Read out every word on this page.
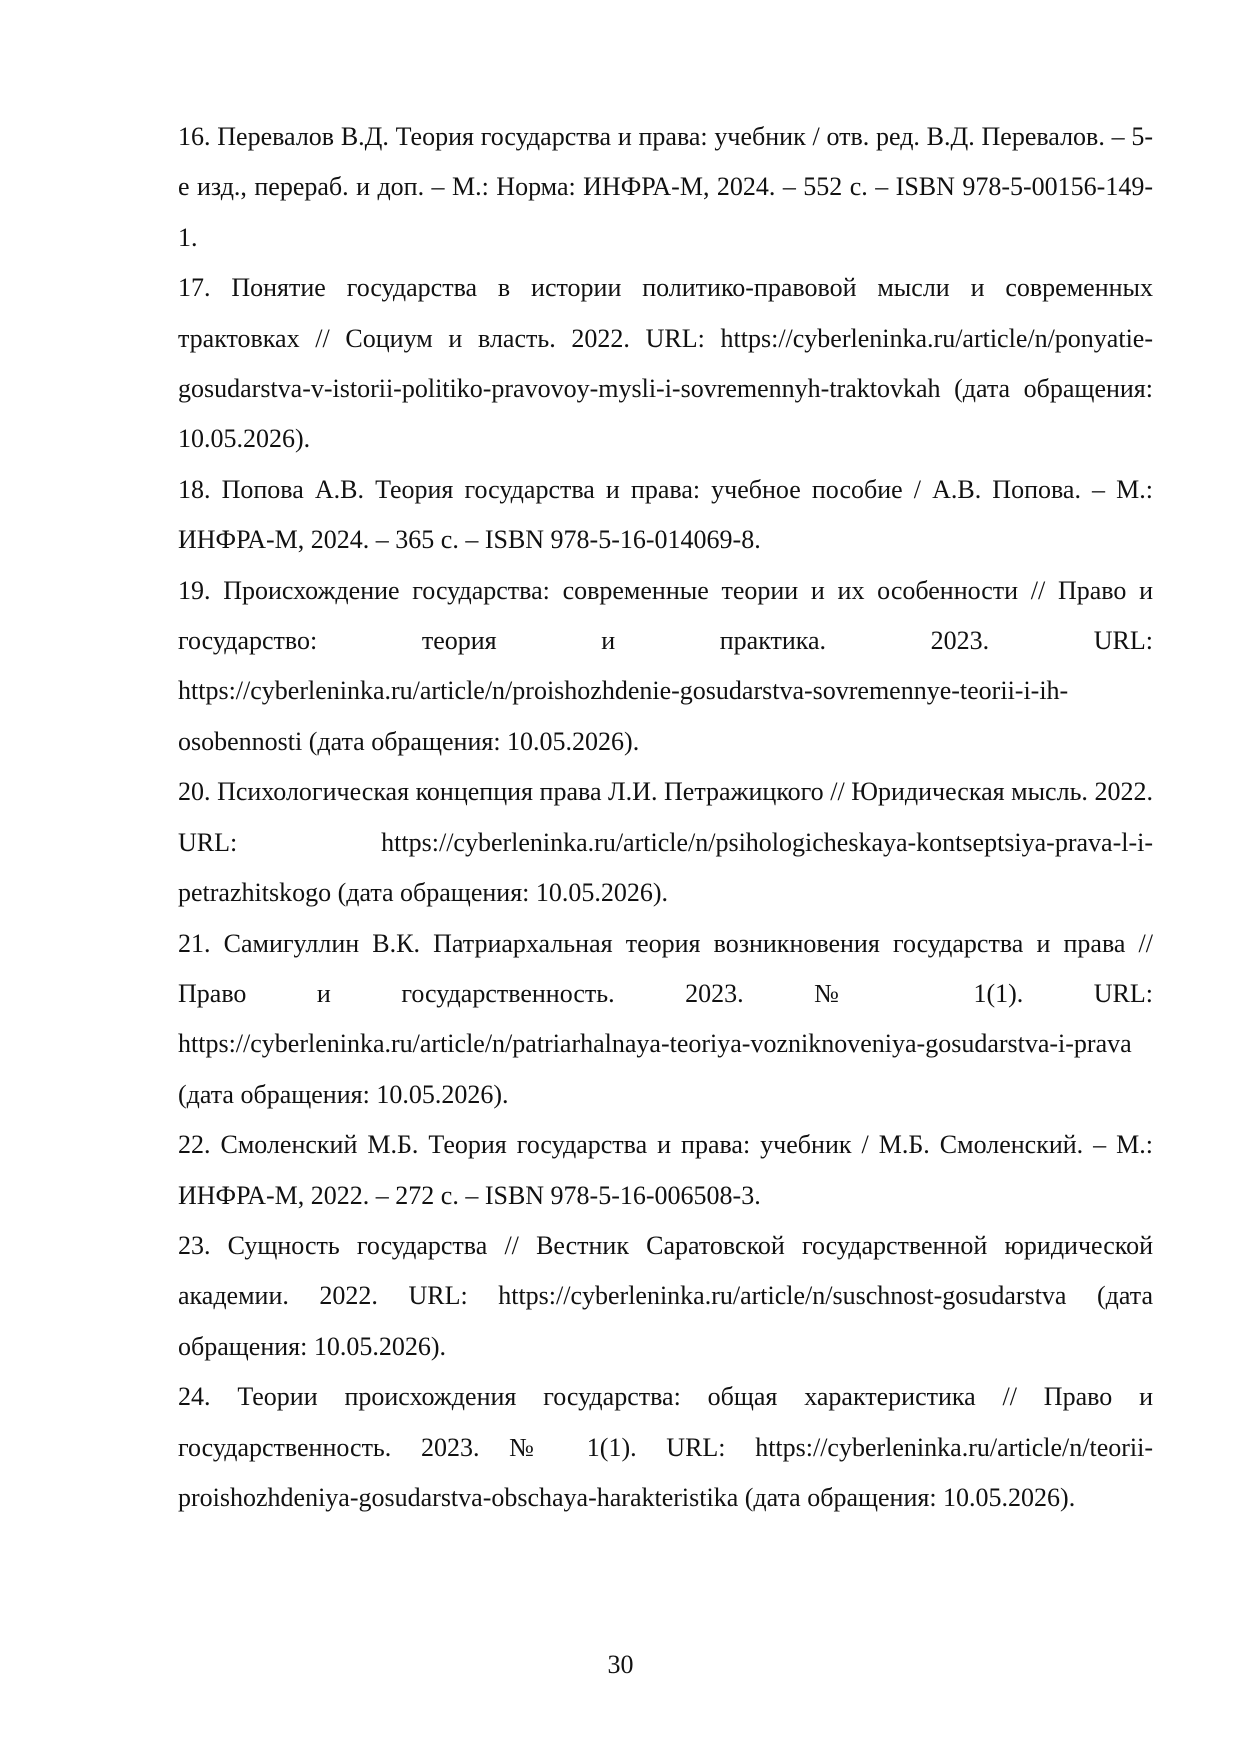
16. Перевалов В.Д. Теория государства и права: учебник / отв. ред. В.Д. Перевалов. – 5-е изд., перераб. и доп. – М.: Норма: ИНФРА-М, 2024. – 552 с. – ISBN 978-5-00156-149-1.

17. Понятие государства в истории политико-правовой мысли и современных трактовках // Социум и власть. 2022. URL: https://cyberleninka.ru/article/n/ponyatie-gosudarstva-v-istorii-politiko-pravovoy-mysli-i-sovremennyh-traktovkah (дата обращения: 10.05.2026).

18. Попова А.В. Теория государства и права: учебное пособие / А.В. Попова. – М.: ИНФРА-М, 2024. – 365 с. – ISBN 978-5-16-014069-8.

19. Происхождение государства: современные теории и их особенности // Право и государство: теория и практика. 2023. URL: https://cyberleninka.ru/article/n/proishozhdenie-gosudarstva-sovremennye-teorii-i-ih-osobennosti (дата обращения: 10.05.2026).

20. Психологическая концепция права Л.И. Петражицкого // Юридическая мысль. 2022. URL: https://cyberleninka.ru/article/n/psihologicheskaya-kontseptsiya-prava-l-i-petrazhitskogo (дата обращения: 10.05.2026).

21. Самигуллин В.К. Патриархальная теория возникновения государства и права // Право и государственность. 2023. № 1(1). URL: https://cyberleninka.ru/article/n/patriarhalnaya-teoriya-vozniknoveniya-gosudarstva-i-prava (дата обращения: 10.05.2026).

22. Смоленский М.Б. Теория государства и права: учебник / М.Б. Смоленский. – М.: ИНФРА-М, 2022. – 272 с. – ISBN 978-5-16-006508-3.

23. Сущность государства // Вестник Саратовской государственной юридической академии. 2022. URL: https://cyberleninka.ru/article/n/suschnost-gosudarstva (дата обращения: 10.05.2026).

24. Теории происхождения государства: общая характеристика // Право и государственность. 2023. № 1(1). URL: https://cyberleninka.ru/article/n/teorii-proishozhdeniya-gosudarstva-obschaya-harakteristika (дата обращения: 10.05.2026).

30
